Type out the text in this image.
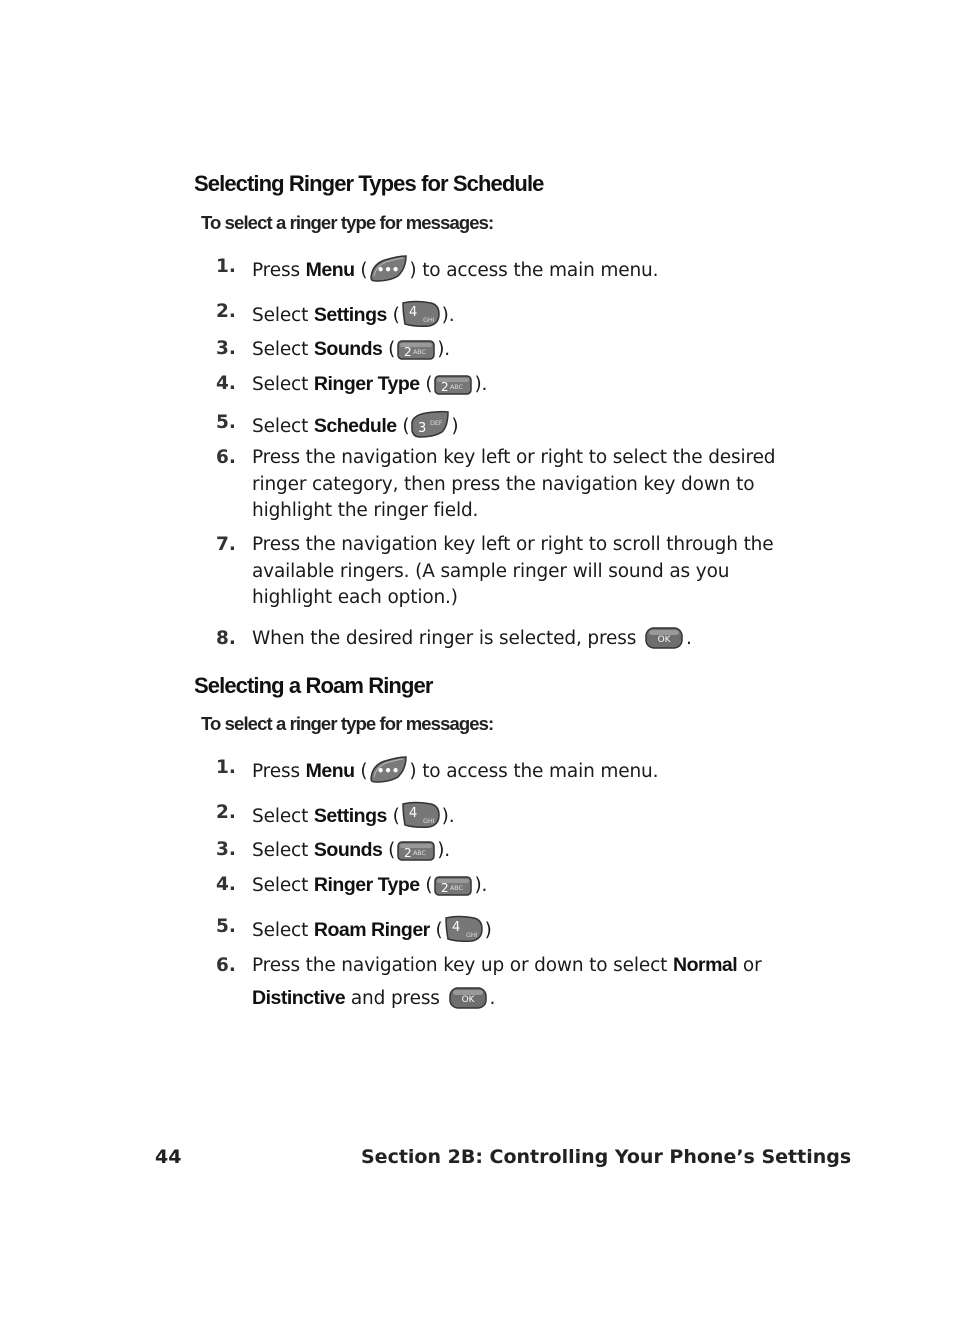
Selecting Ringer Types for Schedule
To select a ringer type for messages:
1. Press Menu ( ••• ) to access the main menu.
2. Select Settings ( 4 GHI ).
3. Select Sounds ( 2 ABC ).
4. Select Ringer Type ( 2 ABC ).
5. Select Schedule ( 3 DEF )
6. Press the navigation key left or right to select the desired ringer category, then press the navigation key down to highlight the ringer field.
7. Press the navigation key left or right to scroll through the available ringers. (A sample ringer will sound as you highlight each option.)
8. When the desired ringer is selected, press OK .
Selecting a Roam Ringer
To select a ringer type for messages:
1. Press Menu ( ••• ) to access the main menu.
2. Select Settings ( 4 GHI ).
3. Select Sounds ( 2 ABC ).
4. Select Ringer Type ( 2 ABC ).
5. Select Roam Ringer ( 4 GHI )
6. Press the navigation key up or down to select Normal or
Distinctive and press OK .
44	Section 2B: Controlling Your Phone’s Settings
